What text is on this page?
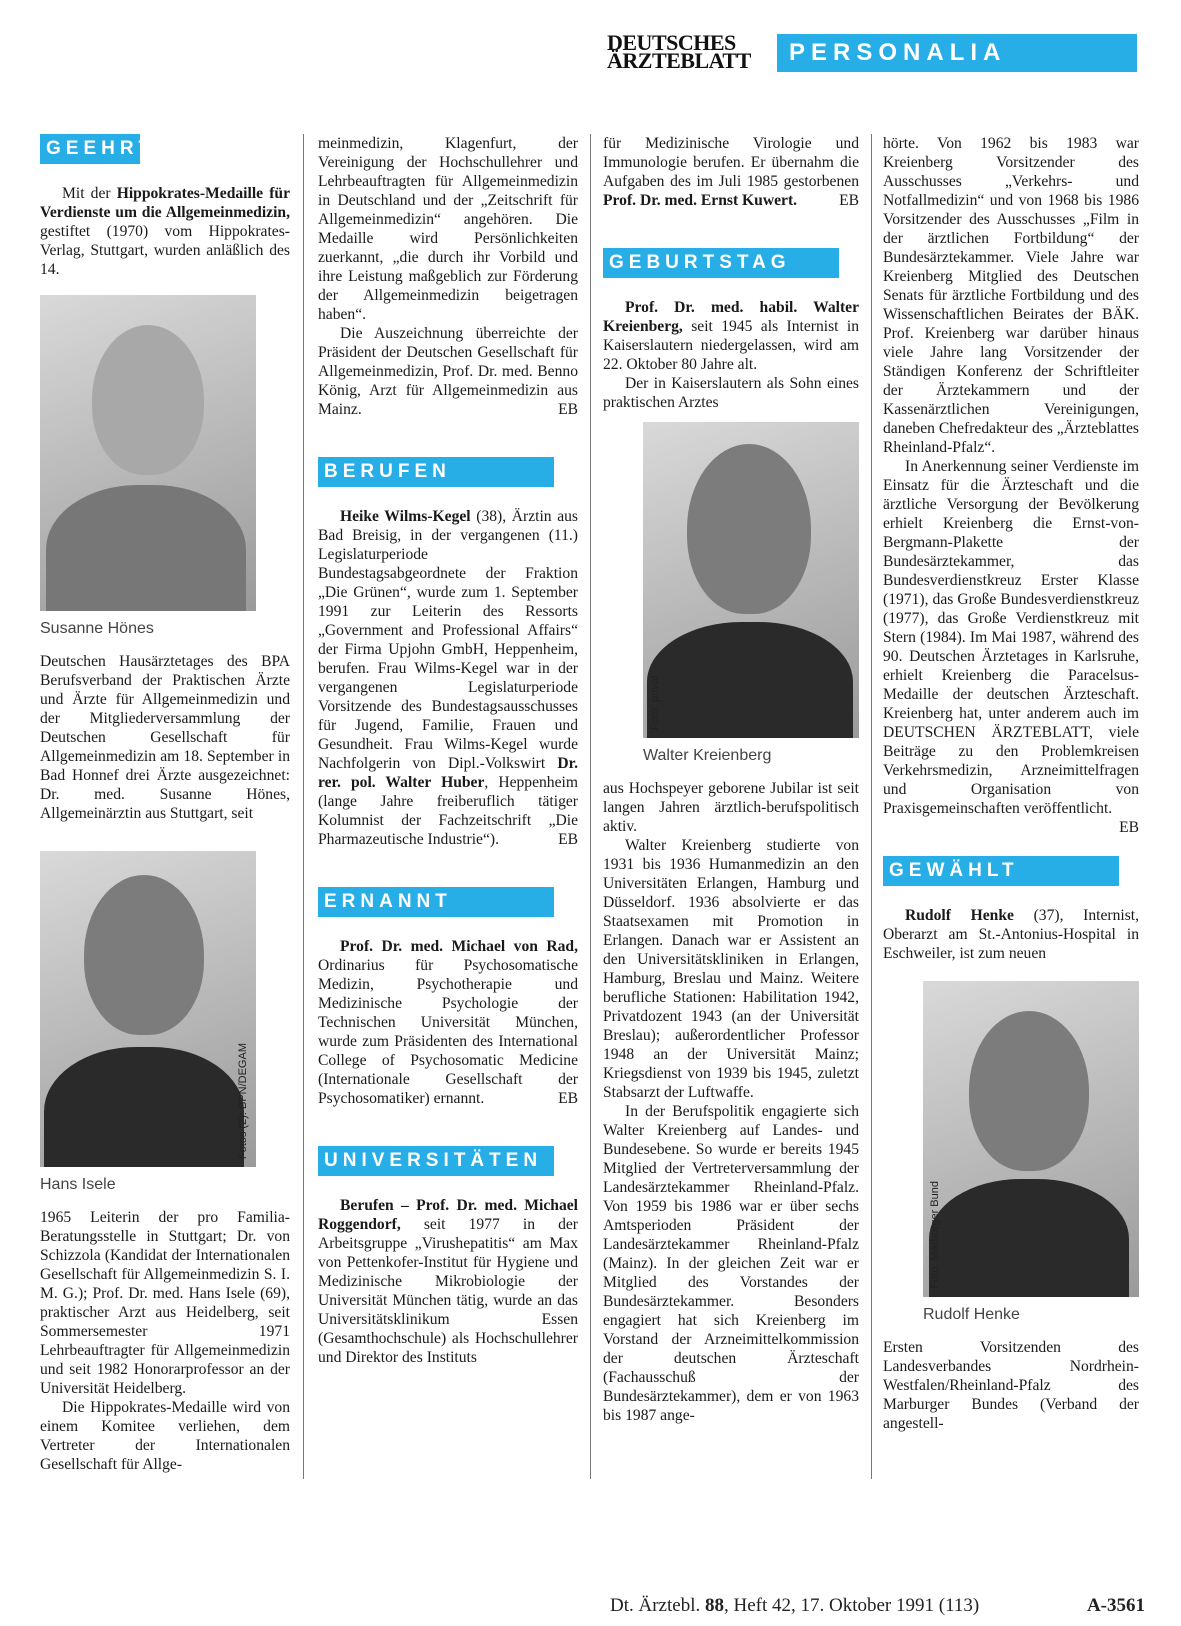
DEUTSCHES
ÄRZTEBLATT	PERSONALIA
GEEHRT

Mit der Hippokrates-Medaille für Verdienste um die Allgemeinmedizin, gestiftet (1970) vom Hippokrates-Verlag, Stuttgart, wurden anläßlich des 14.

Susanne Hönes

Deutschen Hausärztetages des BPA Berufsverband der Praktischen Ärzte und Ärzte für Allgemeinmedizin und der Mitgliederversammlung der Deutschen Gesellschaft für Allgemeinmedizin am 18. September in Bad Honnef drei Ärzte ausgezeichnet: Dr. med. Susanne Hönes, Allgemeinärztin aus Stuttgart, seit

Fotos (2): BPN/DEGAM
Hans Isele

1965 Leiterin der pro Familia-Beratungsstelle in Stuttgart; Dr. von Schizzola (Kandidat der Internationalen Gesellschaft für Allgemeinmedizin S. I. M. G.); Prof. Dr. med. Hans Isele (69), praktischer Arzt aus Heidelberg, seit Sommersemester 1971 Lehrbeauftragter für Allgemeinmedizin und seit 1982 Honorarprofessor an der Universität Heidelberg.

Die Hippokrates-Medaille wird von einem Komitee verliehen, dem Vertreter der Internationalen Gesellschaft für Allge-

meinmedizin, Klagenfurt, der Vereinigung der Hochschullehrer und Lehrbeauftragten für Allgemeinmedizin in Deutschland und der „Zeitschrift für Allgemeinmedizin“ angehören. Die Medaille wird Persönlichkeiten zuerkannt, „die durch ihr Vorbild und ihre Leistung maßgeblich zur Förderung der Allgemeinmedizin beigetragen haben“.

Die Auszeichnung überreichte der Präsident der Deutschen Gesellschaft für Allgemeinmedizin, Prof. Dr. med. Benno König, Arzt für Allgemeinmedizin aus Mainz.	EB

BERUFEN

Heike Wilms-Kegel (38), Ärztin aus Bad Breisig, in der vergangenen (11.) Legislaturperiode Bundestagsabgeordnete der Fraktion „Die Grünen“, wurde zum 1. September 1991 zur Leiterin des Ressorts „Government and Professional Affairs“ der Firma Upjohn GmbH, Heppenheim, berufen. Frau Wilms-Kegel war in der vergangenen Legislaturperiode Vorsitzende des Bundestagsausschusses für Jugend, Familie, Frauen und Gesundheit. Frau Wilms-Kegel wurde Nachfolgerin von Dipl.-Volkswirt Dr. rer. pol. Walter Huber, Heppenheim (lange Jahre freiberuflich tätiger Kolumnist der Fachzeitschrift „Die Pharmazeutische Industrie“).	EB

ERNANNT

Prof. Dr. med. Michael von Rad, Ordinarius für Psychosomatische Medizin, Psychotherapie und Medizinische Psychologie der Technischen Universität München, wurde zum Präsidenten des International College of Psychosomatic Medicine (Internationale Gesellschaft der Psychosomatiker) ernannt.	EB

UNIVERSITÄTEN

Berufen – Prof. Dr. med. Michael Roggendorf, seit 1977 in der Arbeitsgruppe „Virushepatitis“ am Max von Pettenkofer-Institut für Hygiene und Medizinische Mikrobiologie der Universität München tätig, wurde an das Universitätsklinikum Essen (Gesamthochschule) als Hochschullehrer und Direktor des Instituts

für Medizinische Virologie und Immunologie berufen. Er übernahm die Aufgaben des im Juli 1985 gestorbenen Prof. Dr. med. Ernst Kuwert.	EB

GEBURTSTAG

Prof. Dr. med. habil. Walter Kreienberg, seit 1945 als Internist in Kaiserslautern niedergelassen, wird am 22. Oktober 80 Jahre alt.

Der in Kaiserslautern als Sohn eines praktischen Arztes

Foto: privat
Walter Kreienberg

aus Hochspeyer geborene Jubilar ist seit langen Jahren ärztlich-berufspolitisch aktiv.

Walter Kreienberg studierte von 1931 bis 1936 Humanmedizin an den Universitäten Erlangen, Hamburg und Düsseldorf. 1936 absolvierte er das Staatsexamen mit Promotion in Erlangen. Danach war er Assistent an den Universitätskliniken in Erlangen, Hamburg, Breslau und Mainz. Weitere berufliche Stationen: Habilitation 1942, Privatdozent 1943 (an der Universität Breslau); außerordentlicher Professor 1948 an der Universität Mainz; Kriegsdienst von 1939 bis 1945, zuletzt Stabsarzt der Luftwaffe.

In der Berufspolitik engagierte sich Walter Kreienberg auf Landes- und Bundesebene. So wurde er bereits 1945 Mitglied der Vertreterversammlung der Landesärztekammer Rheinland-Pfalz. Von 1959 bis 1986 war er über sechs Amtsperioden Präsident der Landesärztekammer Rheinland-Pfalz (Mainz). In der gleichen Zeit war er Mitglied des Vorstandes der Bundesärztekammer. Besonders engagiert hat sich Kreienberg im Vorstand der Arzneimittelkommission der deutschen Ärzteschaft (Fachausschuß der Bundesärztekammer), dem er von 1963 bis 1987 ange-

hörte. Von 1962 bis 1983 war Kreienberg Vorsitzender des Ausschusses „Verkehrs- und Notfallmedizin“ und von 1968 bis 1986 Vorsitzender des Ausschusses „Film in der ärztlichen Fortbildung“ der Bundesärztekammer. Viele Jahre war Kreienberg Mitglied des Deutschen Senats für ärztliche Fortbildung und des Wissenschaftlichen Beirates der BÄK. Prof. Kreienberg war darüber hinaus viele Jahre lang Vorsitzender der Ständigen Konferenz der Schriftleiter der Ärztekammern und der Kassenärztlichen Vereinigungen, daneben Chefredakteur des „Ärzteblattes Rheinland-Pfalz“.

In Anerkennung seiner Verdienste im Einsatz für die Ärzteschaft und die ärztliche Versorgung der Bevölkerung erhielt Kreienberg die Ernst-von-Bergmann-Plakette der Bundesärztekammer, das Bundesverdienstkreuz Erster Klasse (1971), das Große Bundesverdienstkreuz (1977), das Große Verdienstkreuz mit Stern (1984). Im Mai 1987, während des 90. Deutschen Ärztetages in Karlsruhe, erhielt Kreienberg die Paracelsus-Medaille der deutschen Ärzteschaft. Kreienberg hat, unter anderem auch im DEUTSCHEN ÄRZTEBLATT, viele Beiträge zu den Problemkreisen Verkehrsmedizin, Arzneimittelfragen und Organisation von Praxisgemeinschaften veröffentlicht.
EB

GEWÄHLT

Rudolf Henke (37), Internist, Oberarzt am St.-Antonius-Hospital in Eschweiler, ist zum neuen

Foto: Marburger Bund
Rudolf Henke

Ersten Vorsitzenden des Landesverbandes Nordrhein-Westfalen/Rheinland-Pfalz des Marburger Bundes (Verband der angestell-

Dt. Ärztebl. 88, Heft 42, 17. Oktober 1991 (113)	A-3561
